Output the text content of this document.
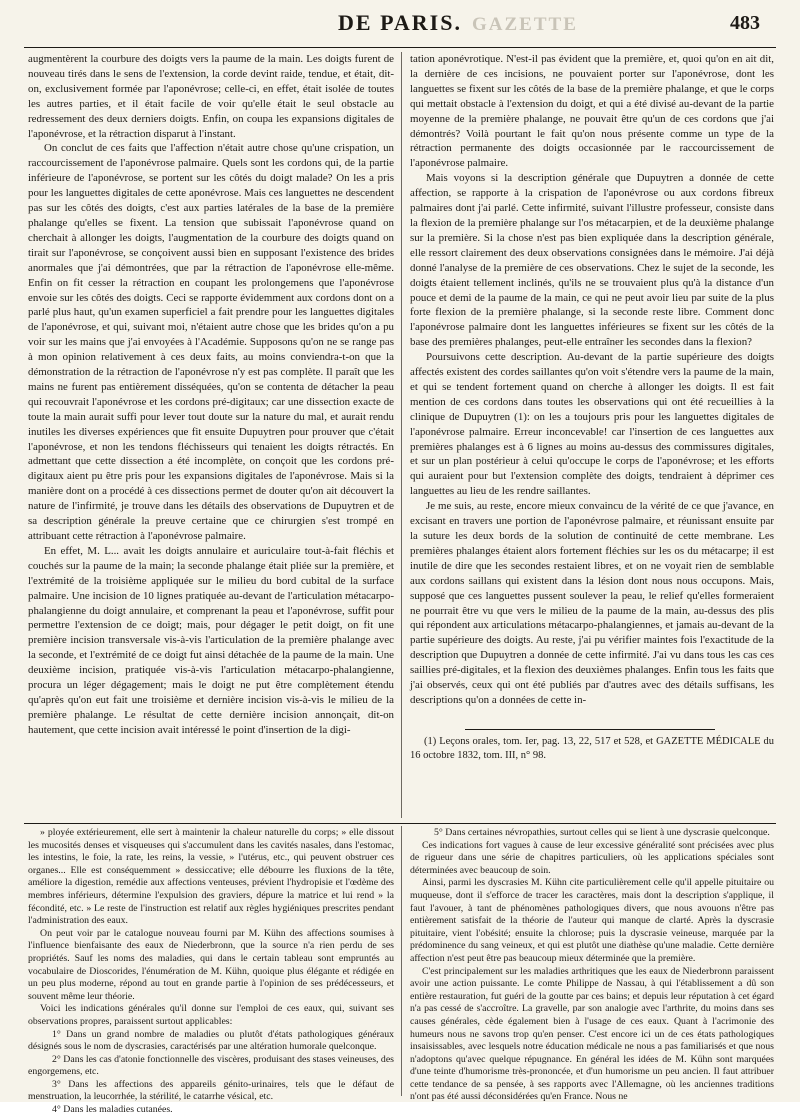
GAZETTE
DE PARIS.	483

augmentèrent la courbure des doigts vers la paume de la main. Les doigts furent de nouveau tirés dans le sens de l'extension, la corde devint raide, tendue, et était, dit-on, exclusivement formée par l'aponévrose; celle-ci, en effet, était isolée de toutes les autres parties, et il était facile de voir qu'elle était le seul obstacle au redressement des deux derniers doigts. Enfin, on coupa les expansions digitales de l'aponévrose, et la rétraction disparut à l'instant.

On conclut de ces faits que l'affection n'était autre chose qu'une crispation, un raccourcissement de l'aponévrose palmaire. Quels sont les cordons qui, de la partie inférieure de l'aponévrose, se portent sur les côtés du doigt malade? On les a pris pour les languettes digitales de cette aponévrose. Mais ces languettes ne descendent pas sur les côtés des doigts, c'est aux parties latérales de la base de la première phalange qu'elles se fixent. La tension que subissait l'aponévrose quand on cherchait à allonger les doigts, l'augmentation de la courbure des doigts quand on tirait sur l'aponévrose, se conçoivent aussi bien en supposant l'existence des brides anormales que j'ai démontrées, que par la rétraction de l'aponévrose elle-même. Enfin on fit cesser la rétraction en coupant les prolongemens que l'aponévrose envoie sur les côtés des doigts. Ceci se rapporte évidemment aux cordons dont on a parlé plus haut, qu'un examen superficiel a fait prendre pour les languettes digitales de l'aponévrose, et qui, suivant moi, n'étaient autre chose que les brides qu'on a pu voir sur les mains que j'ai envoyées à l'Académie. Supposons qu'on ne se range pas à mon opinion relativement à ces deux faits, au moins conviendra-t-on que la démonstration de la rétraction de l'aponévrose n'y est pas complète. Il paraît que les mains ne furent pas entièrement disséquées, qu'on se contenta de détacher la peau qui recouvrait l'aponévrose et les cordons pré-digitaux; car une dissection exacte de toute la main aurait suffi pour lever tout doute sur la nature du mal, et aurait rendu inutiles les diverses expériences que fit ensuite Dupuytren pour prouver que c'était l'aponévrose, et non les tendons fléchisseurs qui tenaient les doigts rétractés. En admettant que cette dissection a été incomplète, on conçoit que les cordons pré-digitaux aient pu être pris pour les expansions digitales de l'aponévrose. Mais si la manière dont on a procédé à ces dissections permet de douter qu'on ait découvert la nature de l'infirmité, je trouve dans les détails des observations de Dupuytren et de sa description générale la preuve certaine que ce chirurgien s'est trompé en attribuant cette rétraction à l'aponévrose palmaire.

En effet, M. L... avait les doigts annulaire et auriculaire tout-à-fait fléchis et couchés sur la paume de la main; la seconde phalange était pliée sur la première, et l'extrémité de la troisième appliquée sur le milieu du bord cubital de la surface palmaire. Une incision de 10 lignes pratiquée au-devant de l'articulation métacarpo-phalangienne du doigt annulaire, et comprenant la peau et l'aponévrose, suffit pour permettre l'extension de ce doigt; mais, pour dégager le petit doigt, on fit une première incision transversale vis-à-vis l'articulation de la première phalange avec la seconde, et l'extrémité de ce doigt fut ainsi détachée de la paume de la main. Une deuxième incision, pratiquée vis-à-vis l'articulation métacarpo-phalangienne, procura un léger dégagement; mais le doigt ne put être complètement étendu qu'après qu'on eut fait une troisième et dernière incision vis-à-vis le milieu de la première phalange. Le résultat de cette dernière incision annonçait, dit-on hautement, que cette incision avait intéressé le point d'insertion de la digi-

tation aponévrotique. N'est-il pas évident que la première, et, quoi qu'on en ait dit, la dernière de ces incisions, ne pouvaient porter sur l'aponévrose, dont les languettes se fixent sur les côtés de la base de la première phalange, et que le corps qui mettait obstacle à l'extension du doigt, et qui a été divisé au-devant de la partie moyenne de la première phalange, ne pouvait être qu'un de ces cordons que j'ai démontrés? Voilà pourtant le fait qu'on nous présente comme un type de la rétraction permanente des doigts occasionnée par le raccourcissement de l'aponévrose palmaire.

Mais voyons si la description générale que Dupuytren a donnée de cette affection, se rapporte à la crispation de l'aponévrose ou aux cordons fibreux palmaires dont j'ai parlé. Cette infirmité, suivant l'illustre professeur, consiste dans la flexion de la première phalange sur l'os métacarpien, et de la deuxième phalange sur la première. Si la chose n'est pas bien expliquée dans la description générale, elle ressort clairement des deux observations consignées dans le mémoire. J'ai déjà donné l'analyse de la première de ces observations. Chez le sujet de la seconde, les doigts étaient tellement inclinés, qu'ils ne se trouvaient plus qu'à la distance d'un pouce et demi de la paume de la main, ce qui ne peut avoir lieu par suite de la plus forte flexion de la première phalange, si la seconde reste libre. Comment donc l'aponévrose palmaire dont les languettes inférieures se fixent sur les côtés de la base des premières phalanges, peut-elle entraîner les secondes dans la flexion?

Poursuivons cette description. Au-devant de la partie supérieure des doigts affectés existent des cordes saillantes qu'on voit s'étendre vers la paume de la main, et qui se tendent fortement quand on cherche à allonger les doigts. Il est fait mention de ces cordons dans toutes les observations qui ont été recueillies à la clinique de Dupuytren (1): on les a toujours pris pour les languettes digitales de l'aponévrose palmaire. Erreur inconcevable! car l'insertion de ces languettes aux premières phalanges est à 6 lignes au moins au-dessus des commissures digitales, et sur un plan postérieur à celui qu'occupe le corps de l'aponévrose; et les efforts qui auraient pour but l'extension complète des doigts, tendraient à déprimer ces languettes au lieu de les rendre saillantes.

Je me suis, au reste, encore mieux convaincu de la vérité de ce que j'avance, en excisant en travers une portion de l'aponévrose palmaire, et réunissant ensuite par la suture les deux bords de la solution de continuité de cette membrane. Les premières phalanges étaient alors fortement fléchies sur les os du métacarpe; il est inutile de dire que les secondes restaient libres, et on ne voyait rien de semblable aux cordons saillans qui existent dans la lésion dont nous nous occupons. Mais, supposé que ces languettes pussent soulever la peau, le relief qu'elles formeraient ne pourrait être vu que vers le milieu de la paume de la main, au-dessus des plis qui répondent aux articulations métacarpo-phalangiennes, et jamais au-devant de la partie supérieure des doigts. Au reste, j'ai pu vérifier maintes fois l'exactitude de la description que Dupuytren a donnée de cette infirmité. J'ai vu dans tous les cas ces saillies pré-digitales, et la flexion des deuxièmes phalanges. Enfin tous les faits que j'ai observés, ceux qui ont été publiés par d'autres avec des détails suffisans, les descriptions qu'on a données de cette in-

(1) Leçons orales, tom. Ier, pag. 13, 22, 517 et 528, et GAZETTE MÉDICALE du 16 octobre 1832, tom. III, n° 98.

» ployée extérieurement, elle sert à maintenir la chaleur naturelle du corps; » elle dissout les mucosités denses et visqueuses qui s'accumulent dans les cavités nasales, dans l'estomac, les intestins, le foie, la rate, les reins, la vessie, » l'utérus, etc., qui peuvent obstruer ces organes... Elle est conséquemment » dessiccative; elle débourre les fluxions de la tête, améliore la digestion, remédie aux affections venteuses, prévient l'hydropisie et l'œdème des membres inférieurs, détermine l'expulsion des graviers, dépure la matrice et lui rend » la fécondité, etc. » Le reste de l'instruction est relatif aux règles hygiéniques prescrites pendant l'administration des eaux.

On peut voir par le catalogue nouveau fourni par M. Kühn des affections soumises à l'influence bienfaisante des eaux de Niederbronn, que la source n'a rien perdu de ses propriétés. Sauf les noms des maladies, qui dans le certain tableau sont empruntés au vocabulaire de Dioscorides, l'énumération de M. Kühn, quoique plus élégante et rédigée en un peu plus moderne, répond au tout en grande partie à l'opinion de ses prédécesseurs, et souvent même leur théorie.

Voici les indications générales qu'il donne sur l'emploi de ces eaux, qui, suivant ses observations propres, paraissent surtout applicables:

1° Dans un grand nombre de maladies ou plutôt d'états pathologiques généraux désignés sous le nom de dyscrasies, caractérisés par une altération humorale quelconque.

2° Dans les cas d'atonie fonctionnelle des viscères, produisant des stases veineuses, des engorgemens, etc.

3° Dans les affections des appareils génito-urinaires, tels que le défaut de menstruation, la leucorrhée, la stérilité, le catarrhe vésical, etc.

4° Dans les maladies cutanées.

5° Dans certaines névropathies, surtout celles qui se lient à une dyscrasie quelconque.

Ces indications fort vagues à cause de leur excessive généralité sont précisées avec plus de rigueur dans une série de chapitres particuliers, où les applications spéciales sont déterminées avec beaucoup de soin.

Ainsi, parmi les dyscrasies M. Kühn cite particulièrement celle qu'il appelle pituitaire ou muqueuse, dont il s'efforce de tracer les caractères, mais dont la description s'applique, il faut l'avouer, à tant de phénomènes pathologiques divers, que nous avouons n'être pas entièrement satisfait de la théorie de l'auteur qui manque de clarté. Après la dyscrasie pituitaire, vient l'obésité; ensuite la chlorose; puis la dyscrasie veineuse, marquée par la prédominence du sang veineux, et qui est plutôt une diathèse qu'une maladie. Cette dernière affection n'est peut être pas beaucoup mieux déterminée que la première.

C'est principalement sur les maladies arthritiques que les eaux de Niederbronn paraissent avoir une action puissante. Le comte Philippe de Nassau, à qui l'établissement a dû son entière restauration, fut guéri de la goutte par ces bains; et depuis leur réputation à cet égard n'a pas cessé de s'accroître. La gravelle, par son analogie avec l'arthrite, du moins dans ses causes générales, cède également bien à l'usage de ces eaux. Quant à l'acrimonie des humeurs nous ne savons trop qu'en penser. C'est encore ici un de ces états pathologiques insaisissables, avec lesquels notre éducation médicale ne nous a pas familiarisés et que nous n'adoptons qu'avec quelque répugnance. En général les idées de M. Kühn sont marquées d'une teinte d'humorisme très-prononcée, et d'un humorisme un peu ancien. Il faut attribuer cette tendance de sa pensée, à ses rapports avec l'Allemagne, où les anciennes traditions n'ont pas été aussi déconsidérées qu'en France. Nous ne
